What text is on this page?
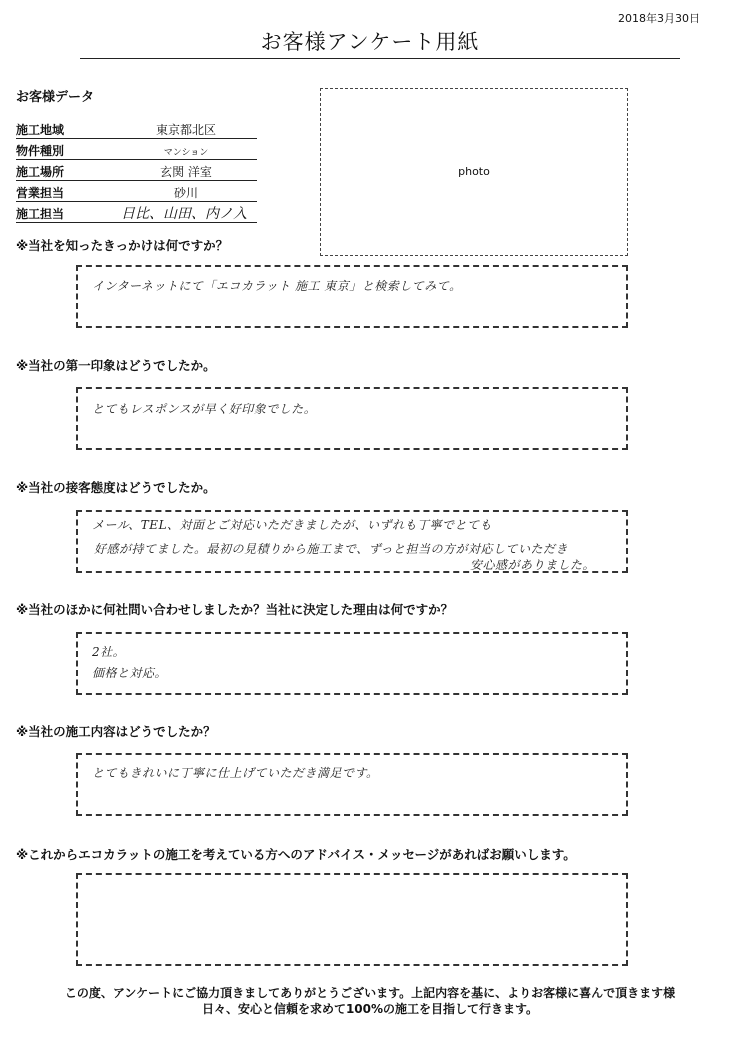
2018年3月30日
お客様アンケート用紙
お客様データ
施工地域	東京都北区
物件種別	マンション
施工場所	玄関 洋室
営業担当	砂川
施工担当	日比、山田、内ノ入
photo
※当社を知ったきっかけは何ですか？
インターネットにて「エコカラット 施工 東京」と検索してみて。
※当社の第一印象はどうでしたか。
とてもレスポンスが早く好印象でした。
※当社の接客態度はどうでしたか。
メール、TEL、対面とご対応いただきましたが、いずれも丁寧でとても
好感が持てました。最初の見積りから施工まで、ずっと担当の方が対応していただき
安心感がありました。
※当社のほかに何社問い合わせしましたか？当社に決定した理由は何ですか？
2社。
価格と対応。
※当社の施工内容はどうでしたか？
とてもきれいに丁寧に仕上げていただき満足です。
※これからエコカラットの施工を考えている方へのアドバイス・メッセージがあればお願いします。
この度、アンケートにご協力頂きましてありがとうございます。上記内容を基に、よりお客様に喜んで頂きます様
日々、安心と信頼を求めて100%の施工を目指して行きます。
